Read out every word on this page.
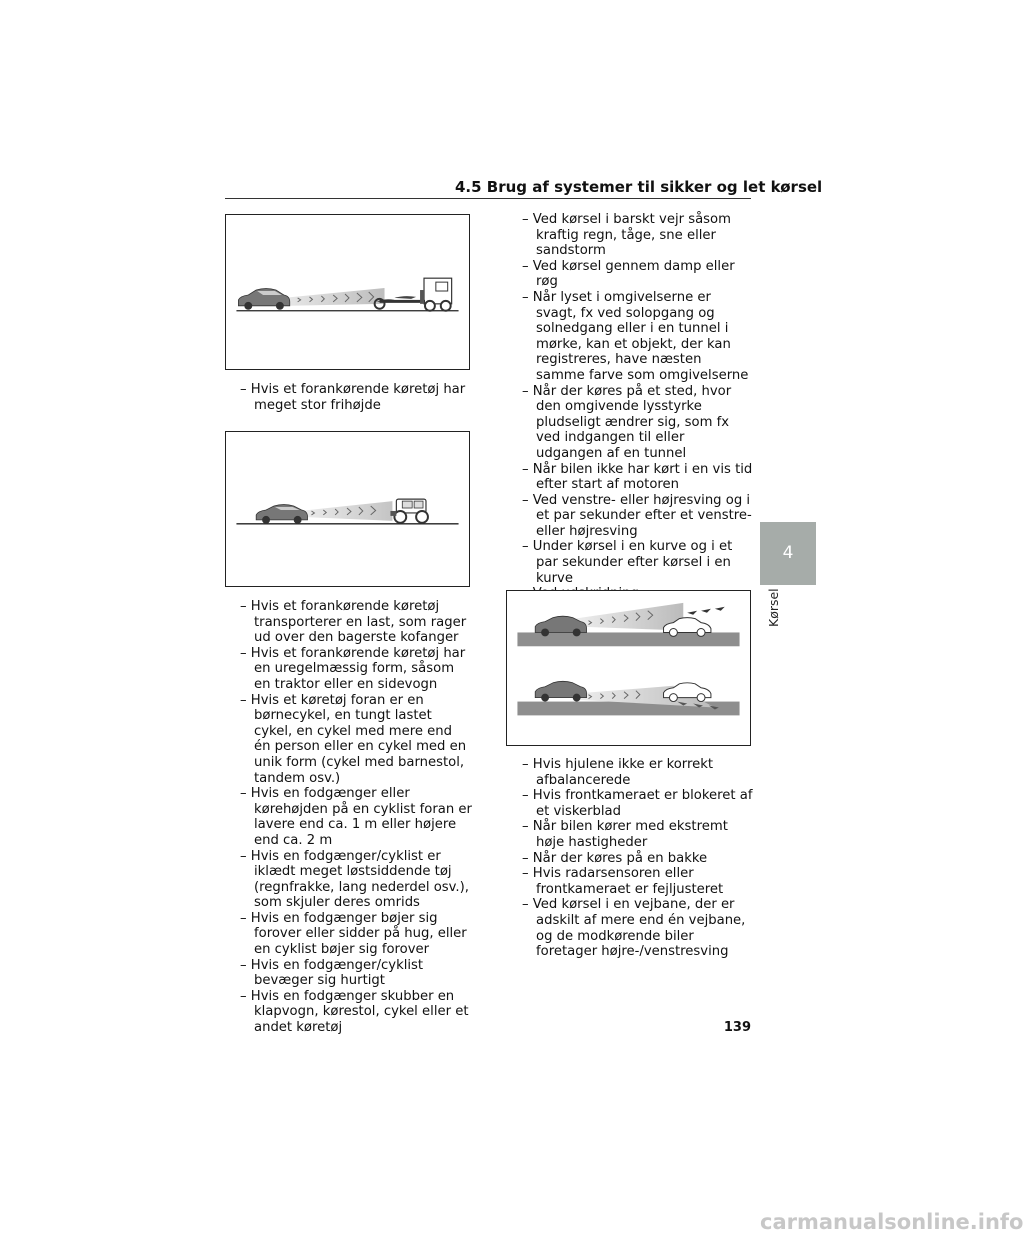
4.5 Brug af systemer til sikker og let kørsel
– Hvis et forankørende køretøj har meget stor frihøjde
– Hvis et forankørende køretøj transporterer en last, som rager ud over den bagerste kofanger
– Hvis et forankørende køretøj har en uregelmæssig form, såsom en traktor eller en sidevogn
– Hvis et køretøj foran er en børnecykel, en tungt lastet cykel, en cykel med mere end én person eller en cykel med en unik form (cykel med barnestol, tandem osv.)
– Hvis en fodgænger eller kørehøjden på en cyklist foran er lavere end ca. 1 m eller højere end ca. 2 m
– Hvis en fodgænger/cyklist er iklædt meget løstsiddende tøj (regnfrakke, lang nederdel osv.), som skjuler deres omrids
– Hvis en fodgænger bøjer sig forover eller sidder på hug, eller en cyklist bøjer sig forover
– Hvis en fodgænger/cyklist bevæger sig hurtigt
– Hvis en fodgænger skubber en klapvogn, kørestol, cykel eller et andet køretøj
– Ved kørsel i barskt vejr såsom kraftig regn, tåge, sne eller sandstorm
– Ved kørsel gennem damp eller røg
– Når lyset i omgivelserne er svagt, fx ved solopgang og solnedgang eller i en tunnel i mørke, kan et objekt, der kan registreres, have næsten samme farve som omgivelserne
– Når der køres på et sted, hvor den omgivende lysstyrke pludseligt ændrer sig, som fx ved indgangen til eller udgangen af en tunnel
– Når bilen ikke har kørt i en vis tid efter start af motoren
– Ved venstre- eller højresving og i et par sekunder efter et venstre- eller højresving
– Under kørsel i en kurve og i et par sekunder efter kørsel i en kurve
–
–
– Hvis hjulene ikke er korrekt afbalancerede
– Hvis frontkameraet er blokeret af et viskerblad
– Når bilen kører med ekstremt høje hastigheder
– Når der køres på en bakke
– Hvis radarsensoren eller frontkameraet er fejljusteret
– Ved kørsel i en vejbane, der er adskilt af mere end én vejbane, og de modkørende biler foretager højre-/venstresving
4
Kørsel
139
carmanualsonline.info
